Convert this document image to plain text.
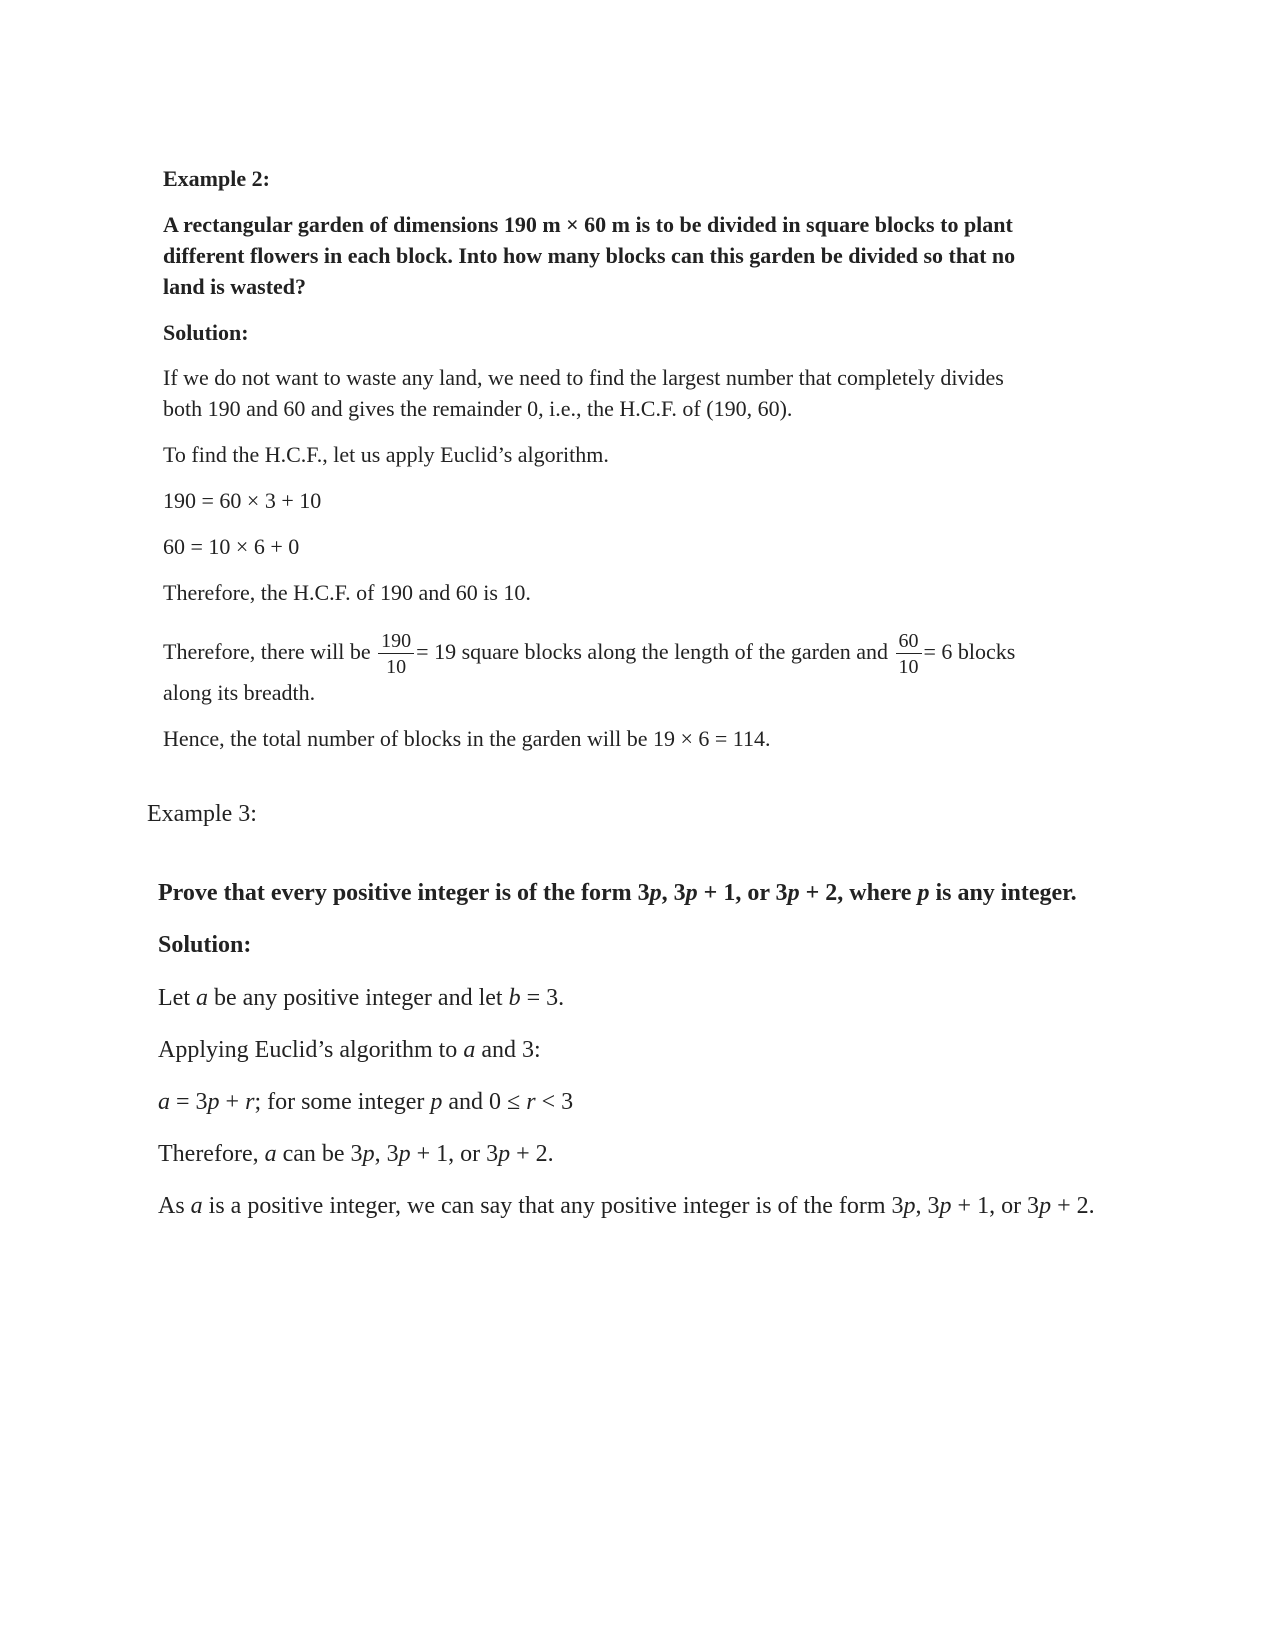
Example 2:
A rectangular garden of dimensions 190 m × 60 m is to be divided in square blocks to plant
different flowers in each block. Into how many blocks can this garden be divided so that no
land is wasted?
Solution:
If we do not want to waste any land, we need to find the largest number that completely divides
both 190 and 60 and gives the remainder 0, i.e., the H.C.F. of (190, 60).
To find the H.C.F., let us apply Euclid’s algorithm.
190 = 60 × 3 + 10
60 = 10 × 6 + 0
Therefore, the H.C.F. of 190 and 60 is 10.
Therefore, there will be $\frac{190}{10} = 19$ square blocks along the length of the garden and $\frac{60}{10} = 6$ blocks
along its breadth.
Hence, the total number of blocks in the garden will be 19 × 6 = 114.
Example 3:
Prove that every positive integer is of the form 3p, 3p + 1, or 3p + 2, where p is any integer.
Solution:
Let a be any positive integer and let b = 3.
Applying Euclid’s algorithm to a and 3:
a = 3p + r; for some integer p and 0 ≤ r < 3
Therefore, a can be 3p, 3p + 1, or 3p + 2.
As a is a positive integer, we can say that any positive integer is of the form 3p, 3p + 1, or 3p + 2.
